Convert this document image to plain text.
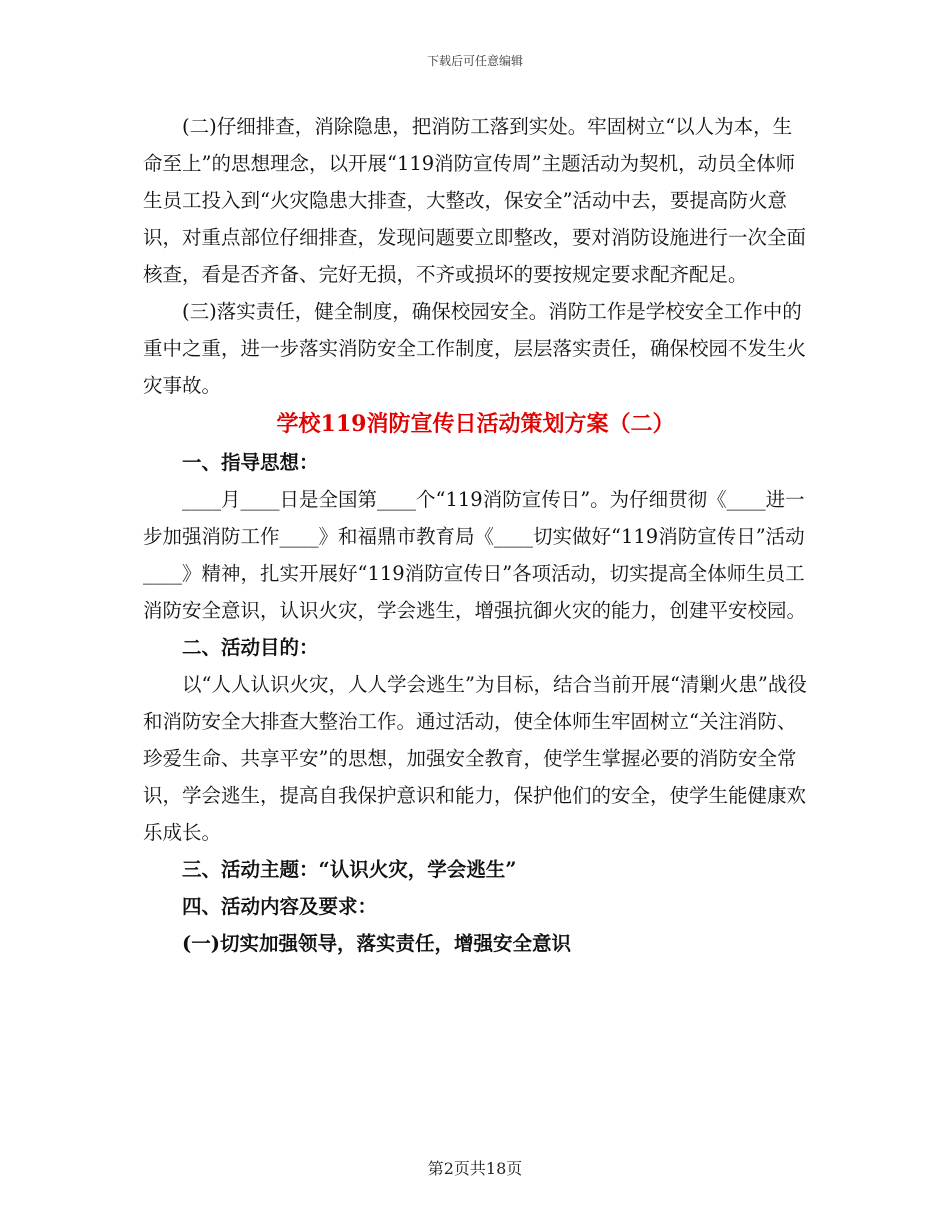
下载后可任意编辑

(二)仔细排查，消除隐患，把消防工落到实处。牢固树立“以人为本，生命至上”的思想理念，以开展“119消防宣传周”主题活动为契机，动员全体师生员工投入到“火灾隐患大排查，大整改，保安全”活动中去，要提高防火意识，对重点部位仔细排查，发现问题要立即整改，要对消防设施进行一次全面核查，看是否齐备、完好无损，不齐或损坏的要按规定要求配齐配足。

(三)落实责任，健全制度，确保校园安全。消防工作是学校安全工作中的重中之重，进一步落实消防安全工作制度，层层落实责任，确保校园不发生火灾事故。

学校119消防宣传日活动策划方案（二）

一、指导思想：

____月____日是全国第____个“119消防宣传日”。为仔细贯彻《____进一步加强消防工作____》和福鼎市教育局《____切实做好“119消防宣传日”活动____》精神，扎实开展好“119消防宣传日”各项活动，切实提高全体师生员工消防安全意识，认识火灾，学会逃生，增强抗御火灾的能力，创建平安校园。

二、活动目的：

以“人人认识火灾，人人学会逃生”为目标，结合当前开展“清剿火患”战役和消防安全大排查大整治工作。通过活动，使全体师生牢固树立“关注消防、珍爱生命、共享平安”的思想，加强安全教育，使学生掌握必要的消防安全常识，学会逃生，提高自我保护意识和能力，保护他们的安全，使学生能健康欢乐成长。

三、活动主题：“认识火灾，学会逃生”

四、活动内容及要求：

(一)切实加强领导，落实责任，增强安全意识

第2页共18页
